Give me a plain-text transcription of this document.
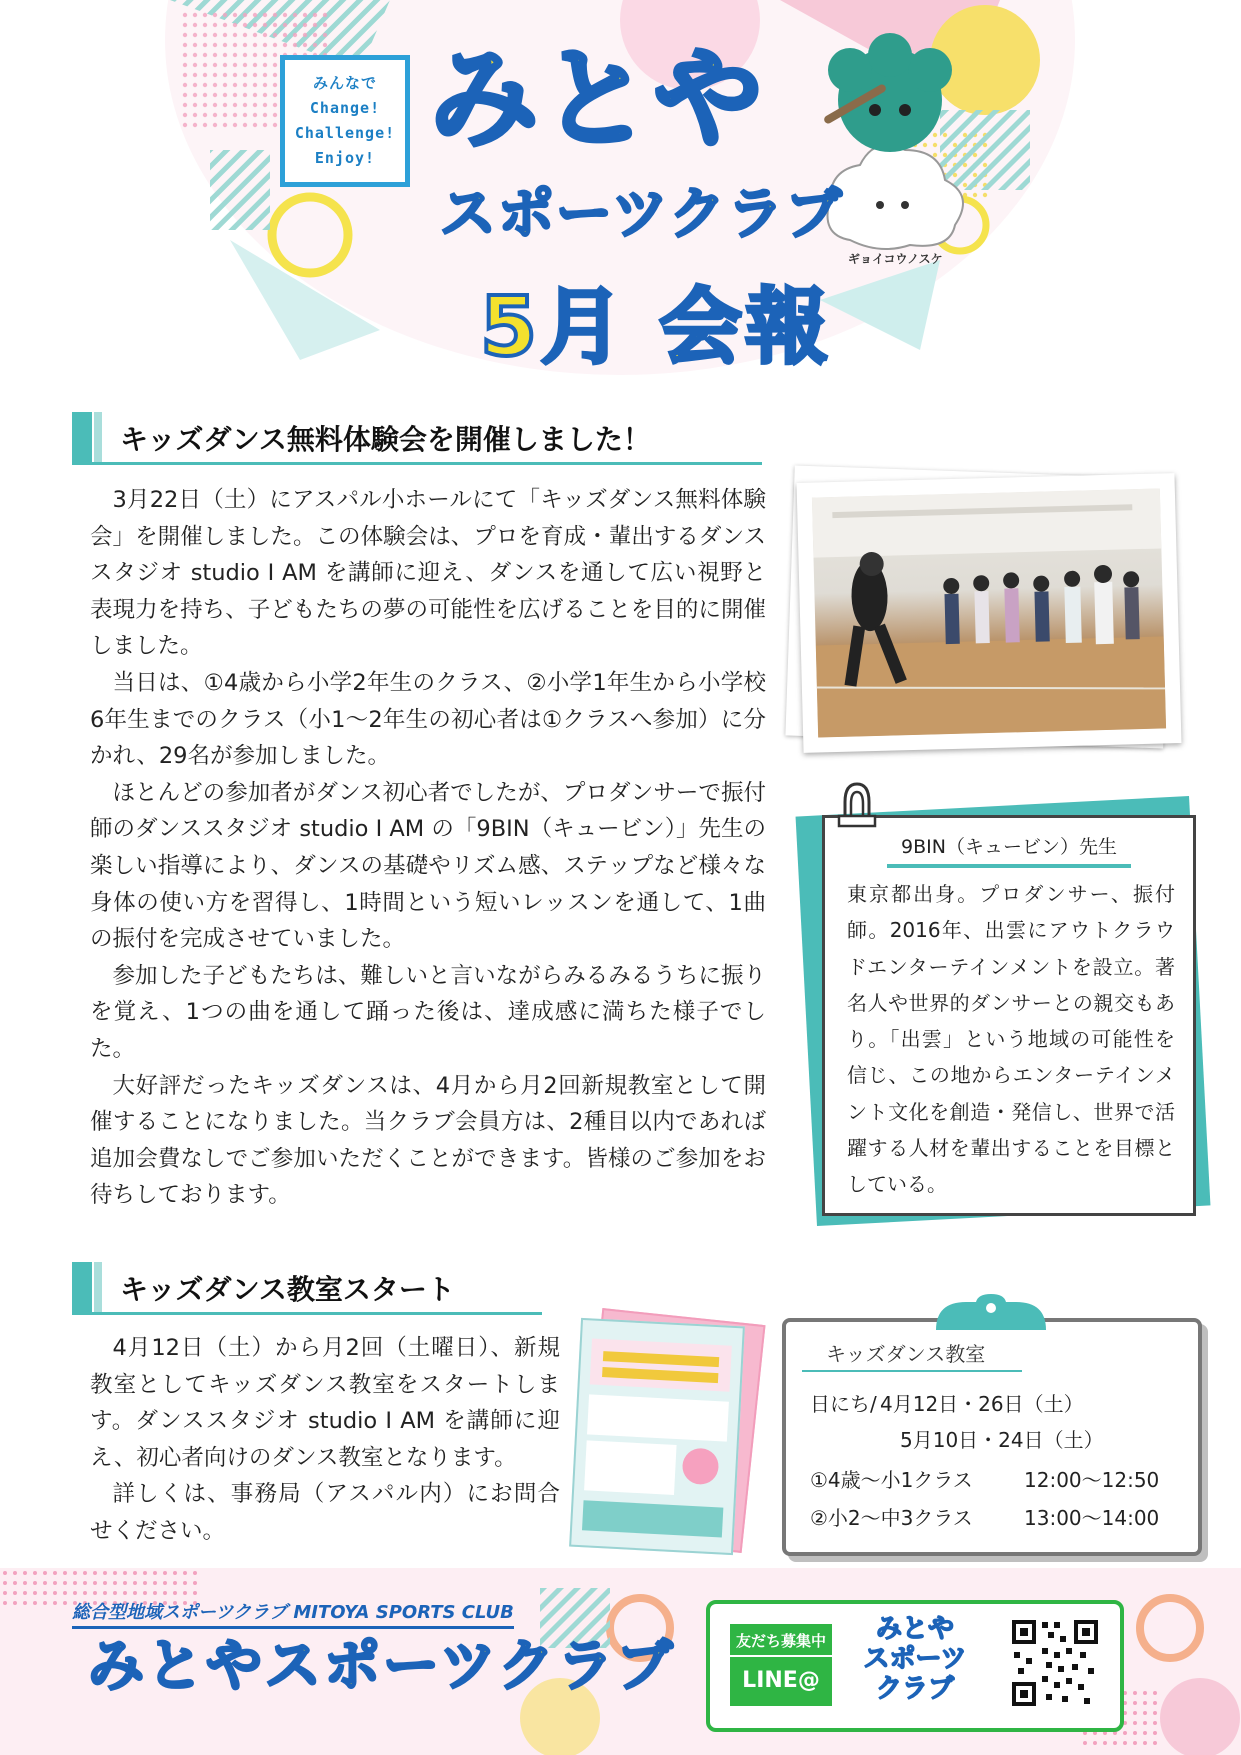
みんなで
Change!
Challenge!
Enjoy! みとや
スポーツクラブ
5月 会報
ギョイコウノスケ
キッズダンス無料体験会を開催しました！

3月22日（土）にアスパル小ホールにて「キッズダンス無料体験会」を開催しました。この体験会は、プロを育成・輩出するダンススタジオ studio I AM を講師に迎え、ダンスを通して広い視野と表現力を持ち、子どもたちの夢の可能性を広げることを目的に開催しました。

当日は、①4歳から小学2年生のクラス、②小学1年生から小学校6年生までのクラス（小1～2年生の初心者は①クラスへ参加）に分かれ、29名が参加しました。

ほとんどの参加者がダンス初心者でしたが、プロダンサーで振付師のダンススタジオ studio I AM の「9BIN（キュービン）」先生の楽しい指導により、ダンスの基礎やリズム感、ステップなど様々な身体の使い方を習得し、1時間という短いレッスンを通して、1曲の振付を完成させていました。

参加した子どもたちは、難しいと言いながらみるみるうちに振りを覚え、1つの曲を通して踊った後は、達成感に満ちた様子でした。

大好評だったキッズダンスは、4月から月2回新規教室として開催することになりました。当クラブ会員方は、2種目以内であれば追加会費なしでご参加いただくことができます。皆様のご参加をお待ちしております。

9BIN（キュービン）先生
東京都出身。プロダンサー、振付師。2016年、出雲にアウトクラウドエンターテインメントを設立。著名人や世界的ダンサーとの親交もあり。「出雲」という地域の可能性を信じ、この地からエンターテインメント文化を創造・発信し、世界で活躍する人材を輩出することを目標としている。
キッズダンス教室スタート

4月12日（土）から月2回（土曜日）、新規教室としてキッズダンス教室をスタートします。ダンススタジオ studio I AM を講師に迎え、初心者向けのダンス教室となります。

詳しくは、事務局（アスパル内）にお問合せください。

キッズダンス教室
日にち/ 4月12日・26日（土）
5月10日・24日（土）
①4歳～小1クラス	12:00～12:50
②小2～中3クラス	13:00～14:00
総合型地域スポーツクラブ MITOYA SPORTS CLUB
みとやスポーツクラブ	友だち募集中
LINE@
みとや
スポーツ
クラブ
